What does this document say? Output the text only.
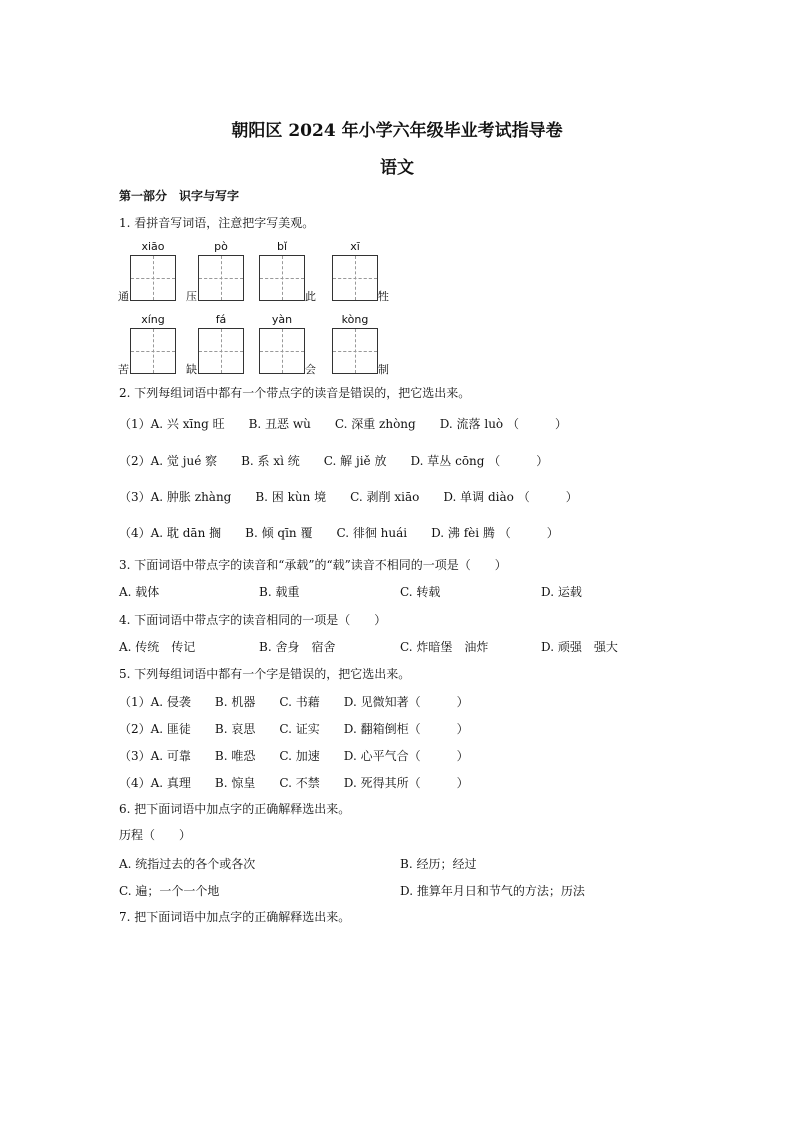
朝阳区 2024 年小学六年级毕业考试指导卷
语文
第一部分　识字与写字
1. 看拼音写词语，注意把字写美观。
xiāo	pò	bǐ	xī
通	压	此	牲
xíng	fá	yàn	kòng
苦	缺	会	制
2. 下列每组词语中都有一个带点字的读音是错误的，把它选出来。
（1）A. 兴 xīng 旺　　B. 丑恶 wù　　C. 深重 zhòng　　D. 流落 luò （　　　）
（2）A. 觉 jué 察　　B. 系 xì 统　　C. 解 jiě 放　　D. 草丛 cōng （　　　）
（3）A. 肿胀 zhàng　　B. 困 kùn 境　　C. 剥削 xiāo　　D. 单调 diào （　　　）
（4）A. 耽 dān 搁　　B. 倾 qīn 覆　　C. 徘徊 huái　　D. 沸 fèi 腾 （　　　）
3. 下面词语中带点字的读音和“承载”的“载”读音不相同的一项是（　　）
A. 载体	B. 载重	C. 转载	D. 运载
4. 下面词语中带点字的读音相同的一项是（　　）
A. 传统　传记	B. 舍身　宿舍	C. 炸暗堡　油炸	D. 顽强　强大
5. 下列每组词语中都有一个字是错误的，把它选出来。
（1）A. 侵袭　　B. 机器　　C. 书藉　　D. 见微知著（　　　）
（2）A. 匪徒　　B. 哀思　　C. 证实　　D. 翻箱倒柜（　　　）
（3）A. 可靠　　B. 唯恐　　C. 加速　　D. 心平气合（　　　）
（4）A. 真理　　B. 惊皇　　C. 不禁　　D. 死得其所（　　　）
6. 把下面词语中加点字的正确解释选出来。
历程（　　）
A. 统指过去的各个或各次	B. 经历；经过
C. 遍；一个一个地	D. 推算年月日和节气的方法；历法
7. 把下面词语中加点字的正确解释选出来。
